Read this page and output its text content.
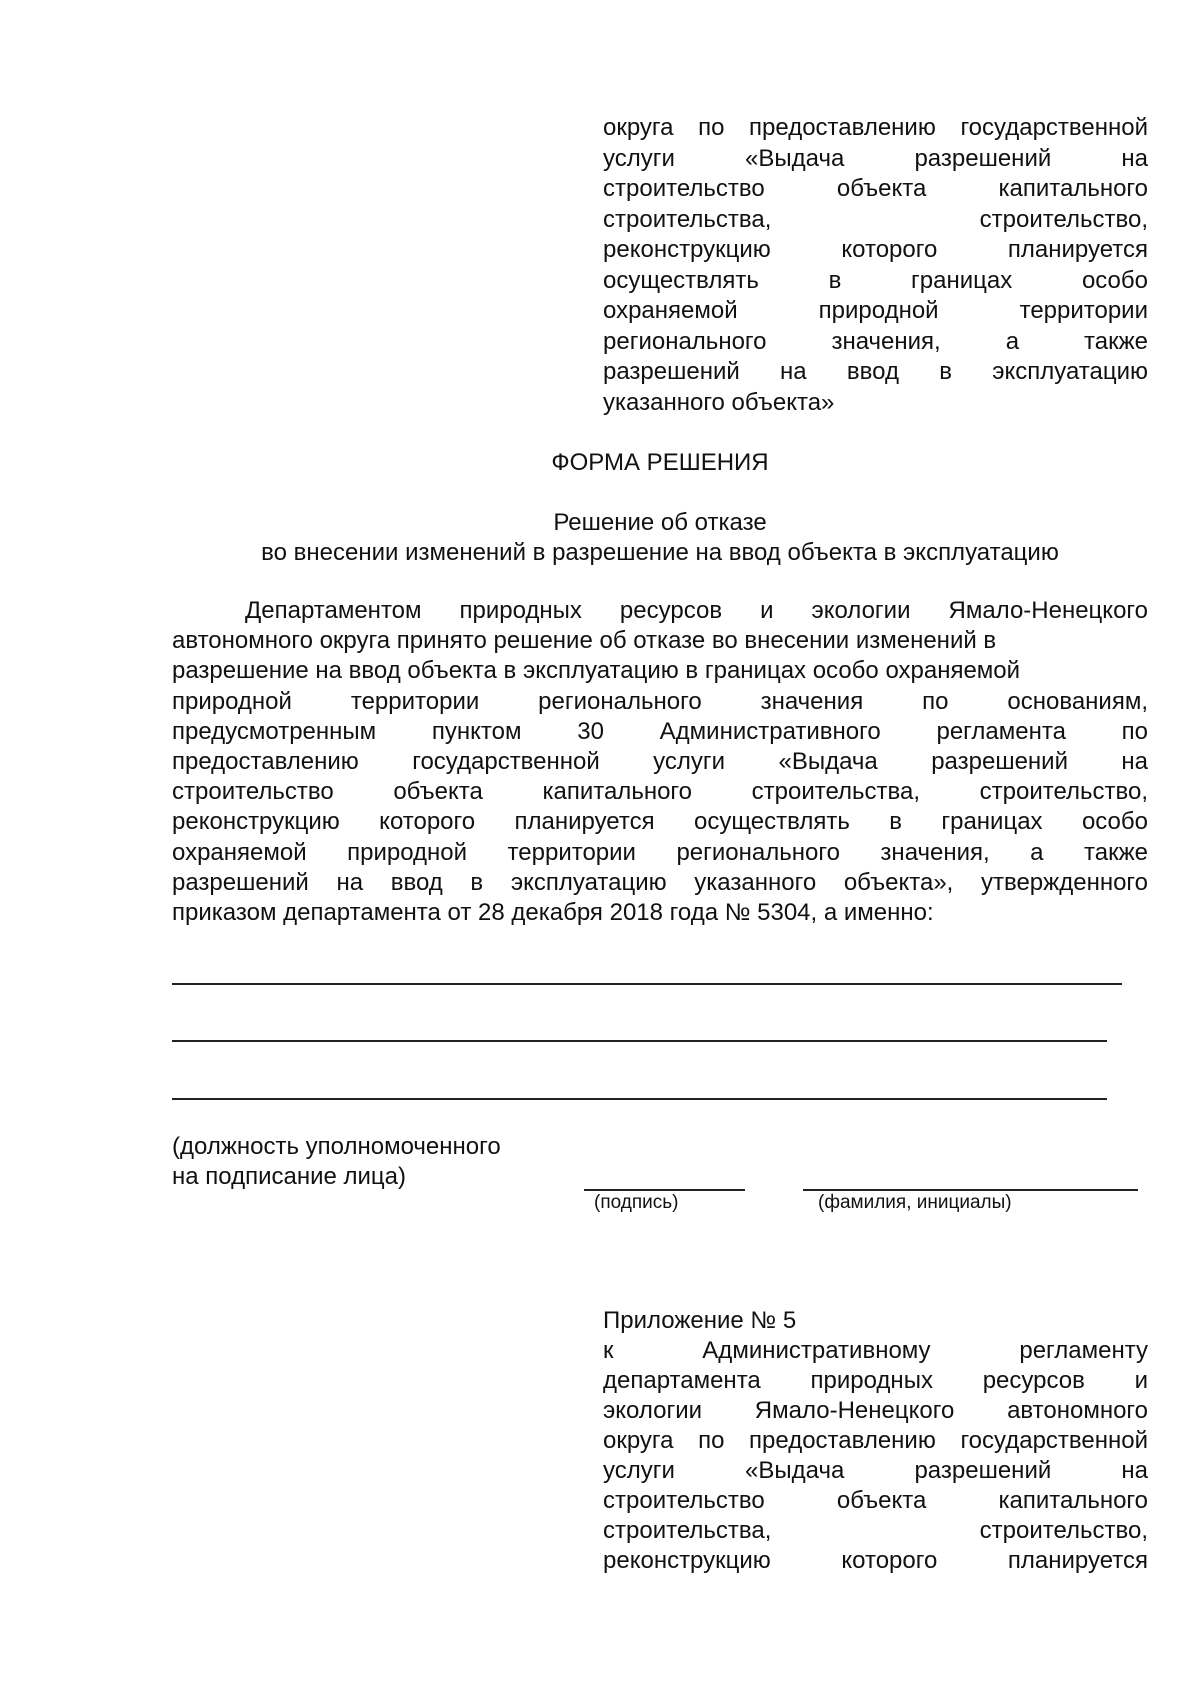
округа по предоставлению государственной
услуги «Выдача разрешений на
строительство объекта капитального
строительства, строительство,
реконструкцию которого планируется
осуществлять в границах особо
охраняемой природной территории
регионального значения, а также
разрешений на ввод в эксплуатацию
указанного объекта»
ФОРМА РЕШЕНИЯ
Решение об отказе
во внесении изменений в разрешение на ввод объекта в эксплуатацию
Департаментом природных ресурсов и экологии Ямало-Ненецкого
автономного округа принято решение об отказе во внесении изменений в
разрешение на ввод объекта в эксплуатацию в границах особо охраняемой
природной территории регионального значения по основаниям,
предусмотренным пунктом 30 Административного регламента по
предоставлению государственной услуги «Выдача разрешений на
строительство объекта капитального строительства, строительство,
реконструкцию которого планируется осуществлять в границах особо
охраняемой природной территории регионального значения, а также
разрешений на ввод в эксплуатацию указанного объекта», утвержденного
приказом департамента от 28 декабря 2018 года № 5304, а именно:
(должность уполномоченного
на подписание лица)
(подпись)	(фамилия, инициалы)
Приложение № 5
к Административному регламенту
департамента природных ресурсов и
экологии Ямало-Ненецкого автономного
округа по предоставлению государственной
услуги «Выдача разрешений на
строительство объекта капитального
строительства, строительство,
реконструкцию которого планируется
